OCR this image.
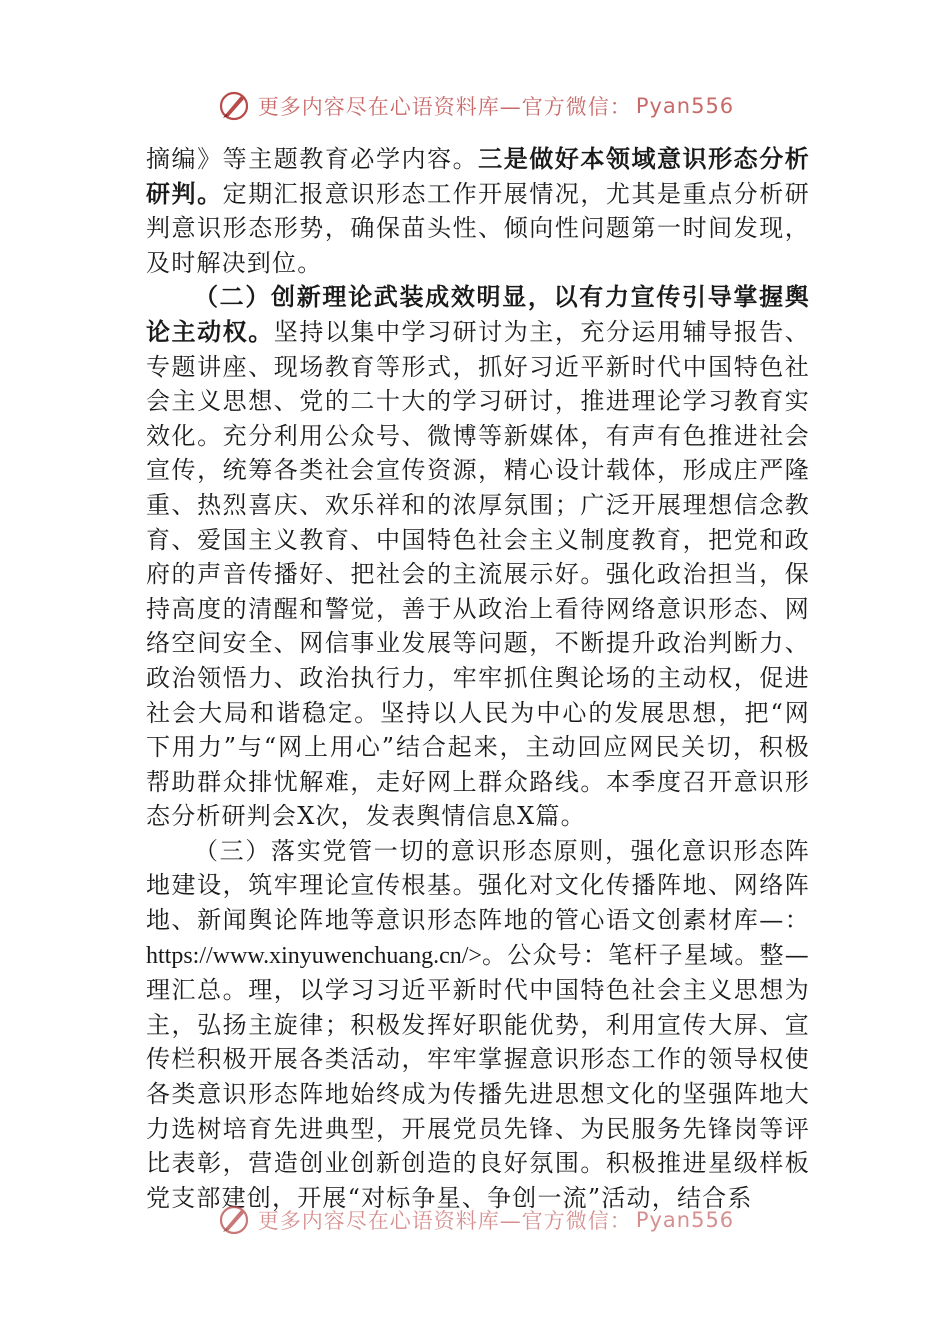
更多内容尽在心语资料库—官方微信： Pyan556

摘编》等主题教育必学内容。三是做好本领域意识形态分析研判。定期汇报意识形态工作开展情况，尤其是重点分析研判意识形态形势，确保苗头性、倾向性问题第一时间发现，及时解决到位。

（二）创新理论武装成效明显，以有力宣传引导掌握舆论主动权。坚持以集中学习研讨为主，充分运用辅导报告、专题讲座、现场教育等形式，抓好习近平新时代中国特色社会主义思想、党的二十大的学习研讨，推进理论学习教育实效化。充分利用公众号、微博等新媒体，有声有色推进社会宣传，统筹各类社会宣传资源，精心设计载体，形成庄严隆重、热烈喜庆、欢乐祥和的浓厚氛围；广泛开展理想信念教育、爱国主义教育、中国特色社会主义制度教育，把党和政府的声音传播好、把社会的主流展示好。强化政治担当，保持高度的清醒和警觉，善于从政治上看待网络意识形态、网络空间安全、网信事业发展等问题，不断提升政治判断力、政治领悟力、政治执行力，牢牢抓住舆论场的主动权，促进社会大局和谐稳定。坚持以人民为中心的发展思想，把“网下用力”与“网上用心”结合起来，主动回应网民关切，积极帮助群众排忧解难，走好网上群众路线。本季度召开意识形态分析研判会X次，发表舆情信息X篇。

（三）落实党管一切的意识形态原则，强化意识形态阵地建设，筑牢理论宣传根基。强化对文化传播阵地、网络阵地、新闻舆论阵地等意识形态阵地的管心语文创素材库—：https://www.xinyuwenchuang.cn/>。公众号：笔杆子星域。整—理汇总。理，以学习习近平新时代中国特色社会主义思想为主，弘扬主旋律；积极发挥好职能优势，利用宣传大屏、宣传栏积极开展各类活动，牢牢掌握意识形态工作的领导权使各类意识形态阵地始终成为传播先进思想文化的坚强阵地大力选树培育先进典型，开展党员先锋、为民服务先锋岗等评比表彰，营造创业创新创造的良好氛围。积极推进星级样板党支部建创，开展“对标争星、争创一流”活动，结合系

更多内容尽在心语资料库—官方微信： Pyan556
